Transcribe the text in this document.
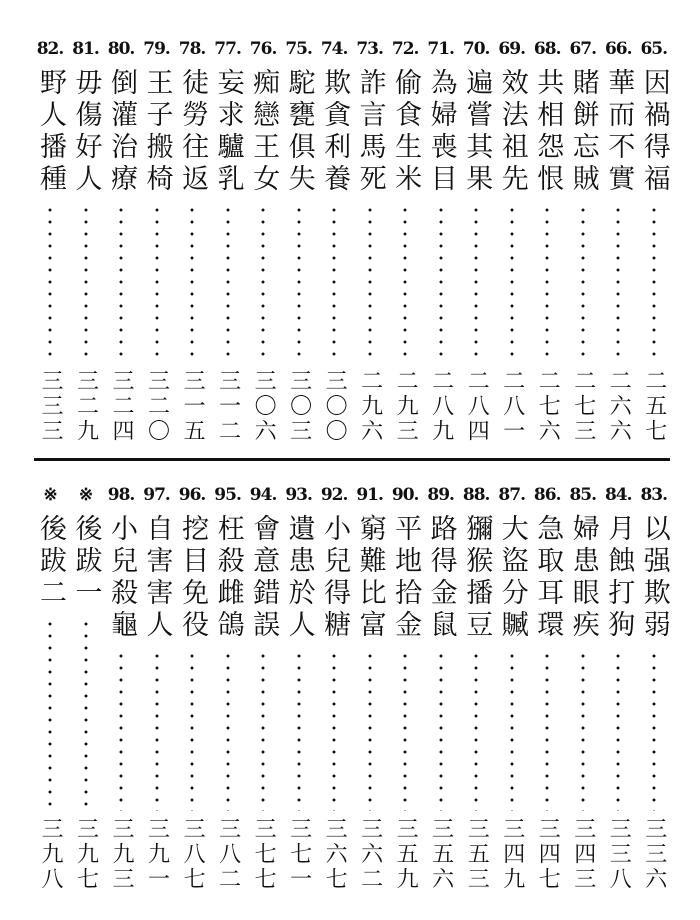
65.
因禍得福
二五七
66.
華而不實
二六六
67.
賭餅忘賊
二七三
68.
共相怨恨
二七六
69.
效法祖先
二八一
70.
遍嘗其果
二八四
71.
為婦喪目
二八九
72.
偷食生米
二九三
73.
詐言馬死
二九六
74.
欺貪利養
三〇〇
75.
駝甕俱失
三〇三
76.
痴戀王女
三〇六
77.
妄求驢乳
三一二
78.
徒勞往返
三一五
79.
王子搬椅
三二〇
80.
倒灌治療
三二四
81.
毋傷好人
三二九
82.
野人播種
三三三
83.
以强欺弱
三三六
84.
月蝕打狗
三三八
85.
婦患眼疾
三四三
86.
急取耳環
三四七
87.
大盜分贓
三四九
88.
獼猴播豆
三五三
89.
路得金鼠
三五六
90.
平地拾金
三五九
91.
窮難比富
三六二
92.
小兒得糖
三六七
93.
遺患於人
三七一
94.
會意錯誤
三七七
95.
枉殺雌鴿
三八二
96.
挖目免役
三八七
97.
自害害人
三九一
98.
小兒殺龜
三九三
※
後跋一
三九七
※
後跋二
三九八
